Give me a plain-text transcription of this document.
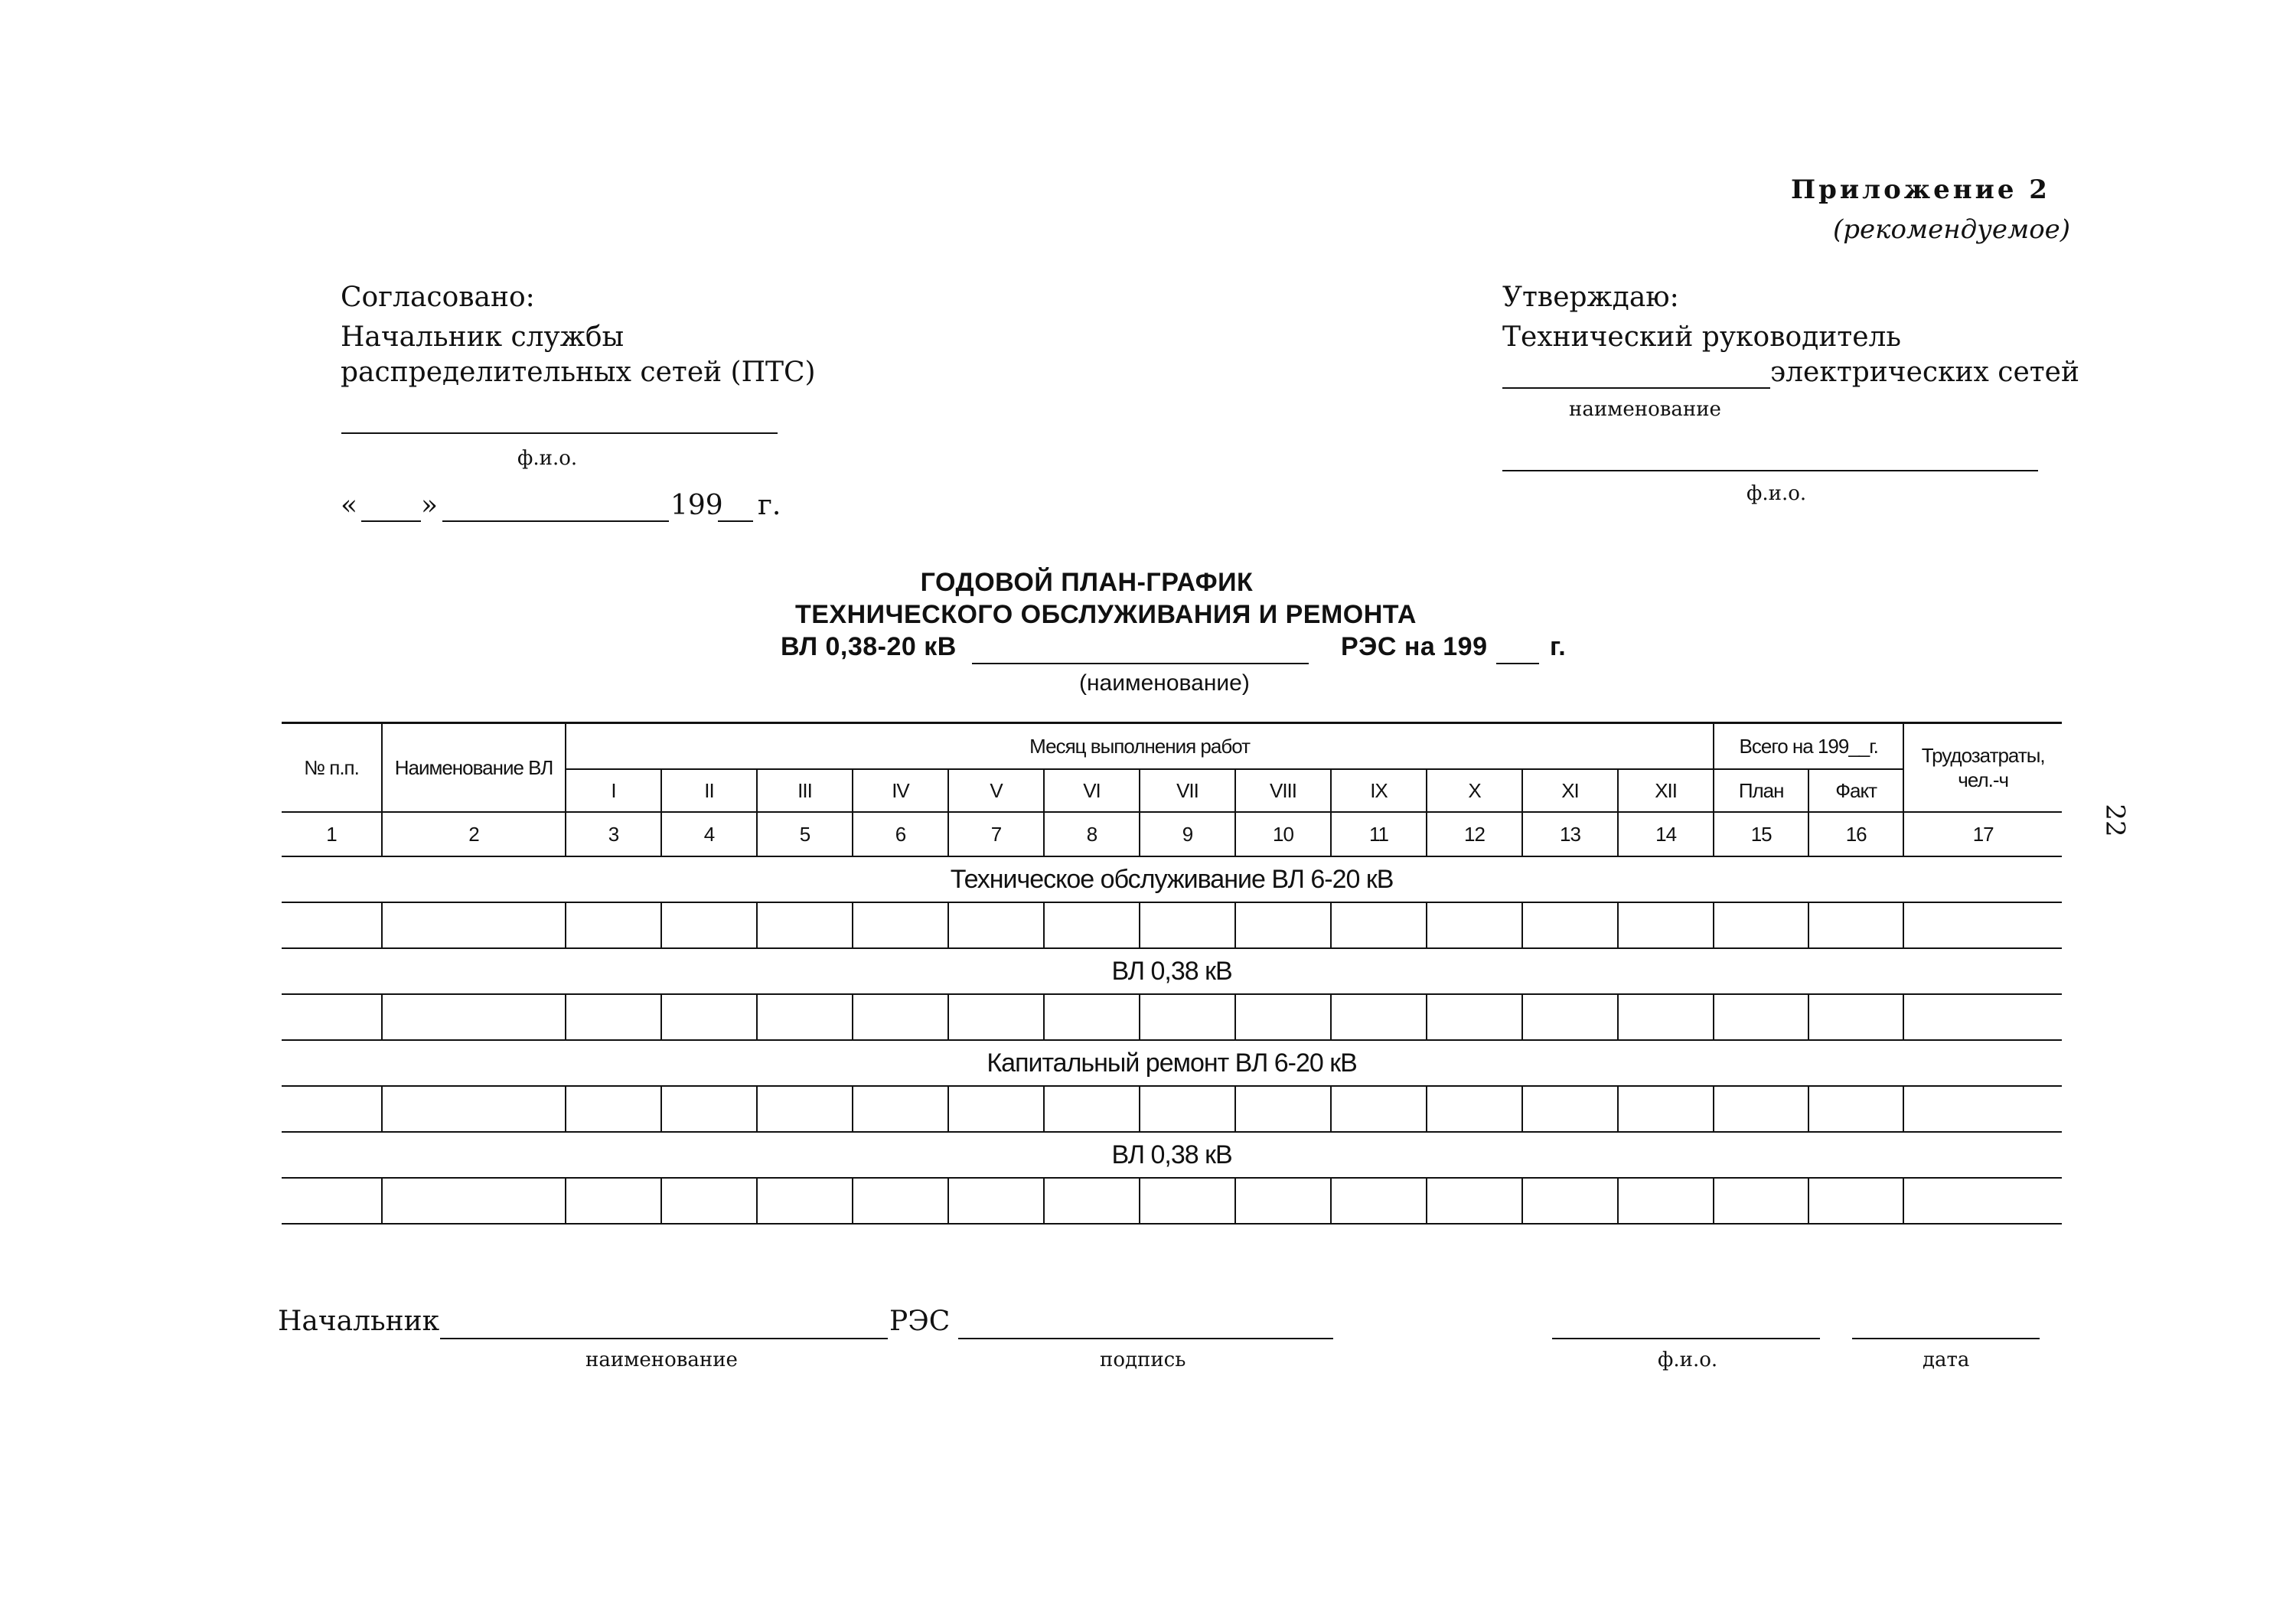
Приложение 2
(рекомендуемое)
Согласовано:
Начальник службы
распределительных сетей (ПТС)
ф.и.о.
« »	199 г.
Утверждаю:
Технический руководитель
электрических сетей
наименование
ф.и.о.
ГОДОВОЙ ПЛАН-ГРАФИК
ТЕХНИЧЕСКОГО ОБСЛУЖИВАНИЯ И РЕМОНТА
ВЛ 0,38-20 кВ	РЭС на 199 г.
(наименование)
№ п.п.	Наименование ВЛ	Месяц выполнения работ												Всего на 199__г.		Трудозатраты,
чел.-ч

		I	II	III	IV	V	VI	VII	VIII	IX	X	XI	XII	План	Факт	
1	2	3	4	5	6	7	8	9	10	11	12	13	14	15	16	17
Техническое обслуживание ВЛ 6-20 кВ																

ВЛ 0,38 кВ																

Капитальный ремонт ВЛ 6-20 кВ																

ВЛ 0,38 кВ																

22
Начальник	РЭС
наименование	подпись	ф.и.о.	дата
